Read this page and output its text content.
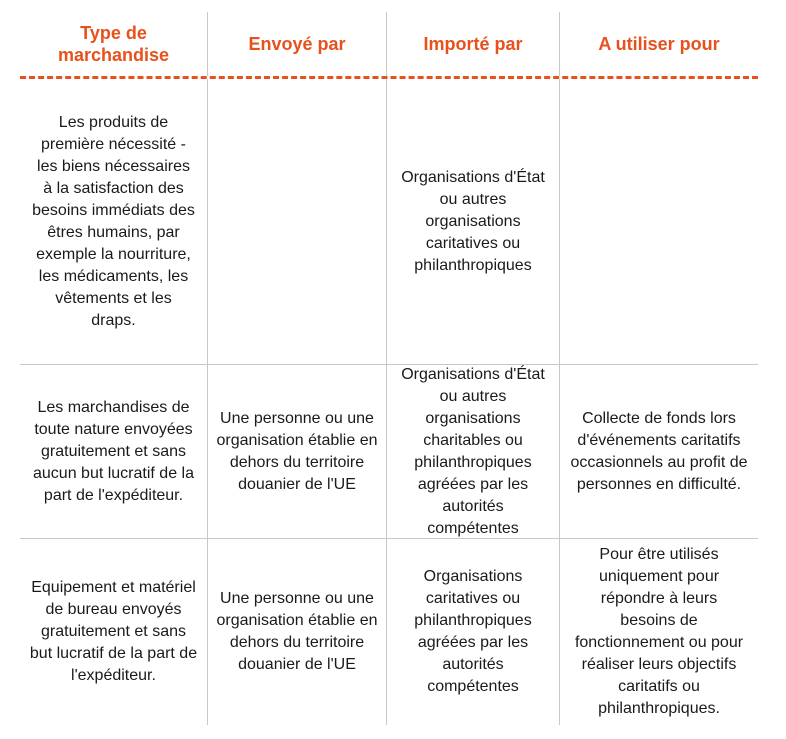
Type de marchandise
Envoyé par	Importé par	A utiliser pour
Les produits de première nécessité - les biens nécessaires à la satisfaction des besoins immédiats des êtres humains, par exemple la nourriture, les médicaments, les vêtements et les draps.
Organisations d'État ou autres organisations caritatives ou philanthropiques
Les marchandises de toute nature envoyées gratuitement et sans aucun but lucratif de la part de l'expéditeur.
Une personne ou une organisation établie en dehors du territoire douanier de l'UE
Organisations d'État ou autres organisations charitables ou philanthropiques agréées par les autorités compétentes
Collecte de fonds lors d'événements caritatifs occasionnels au profit de personnes en difficulté.
Equipement et matériel de bureau envoyés gratuitement et sans but lucratif de la part de l'expéditeur.
Une personne ou une organisation établie en dehors du territoire douanier de l'UE
Organisations caritatives ou philanthropiques agréées par les autorités compétentes
Pour être utilisés uniquement pour répondre à leurs besoins de fonctionnement ou pour réaliser leurs objectifs caritatifs ou philanthropiques.
